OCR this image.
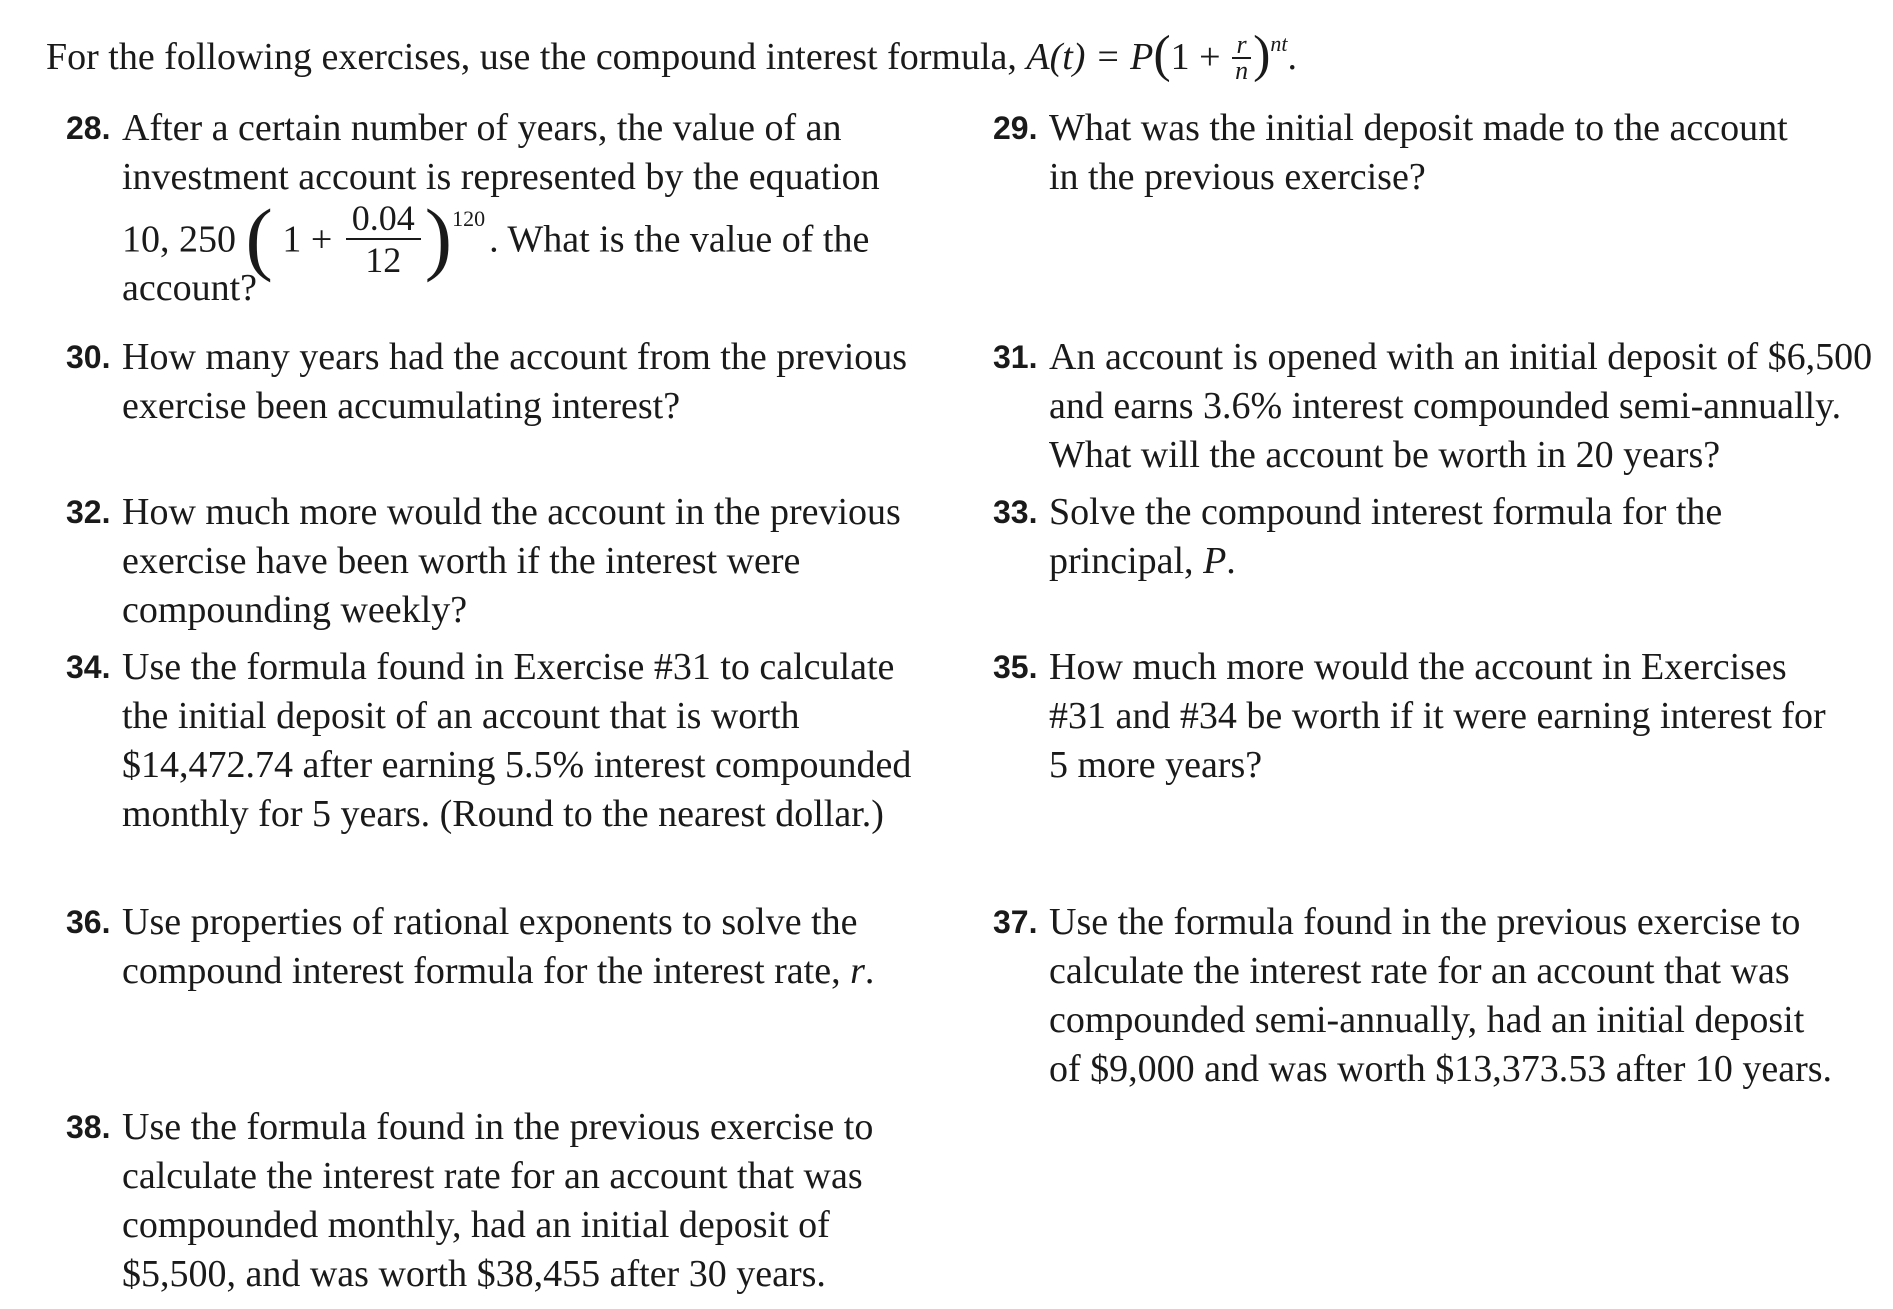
For the following exercises, use the compound interest formula, $A(t) = P(1 + \frac{r}{n} )^{nt}$.
28. After a certain number of years, the value of an
investment account is represented by the equation
10, 250 ( $1 + \frac{0.04}{12} )^{120}$. What is the value of the
account?
29. What was the initial deposit made to the account
in the previous exercise?
30. How many years had the account from the previous
exercise been accumulating interest?
31. An account is opened with an initial deposit of $6,500
and earns 3.6% interest compounded semi-annually.
What will the account be worth in 20 years?
32. How much more would the account in the previous
exercise have been worth if the interest were
compounding weekly?
33. Solve the compound interest formula for the
principal, P.
34. Use the formula found in Exercise #31 to calculate
the initial deposit of an account that is worth
$14,472.74 after earning 5.5% interest compounded
monthly for 5 years. (Round to the nearest dollar.)
35. How much more would the account in Exercises
#31 and #34 be worth if it were earning interest for
5 more years?
36. Use properties of rational exponents to solve the
compound interest formula for the interest rate, r.
37. Use the formula found in the previous exercise to
calculate the interest rate for an account that was
compounded semi-annually, had an initial deposit
of $9,000 and was worth $13,373.53 after 10 years.
38. Use the formula found in the previous exercise to
calculate the interest rate for an account that was
compounded monthly, had an initial deposit of
$5,500, and was worth $38,455 after 30 years.
